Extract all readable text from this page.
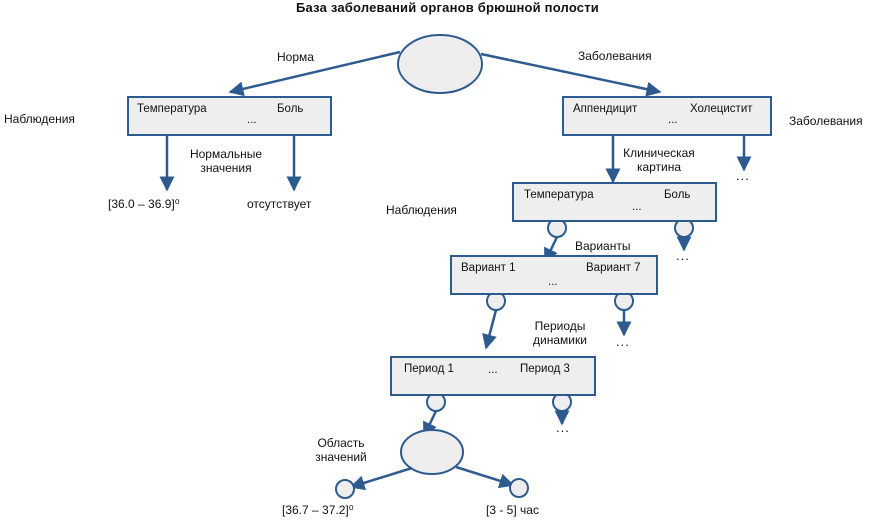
База заболеваний органов брюшной полости
Температура
...
Боль	Аппендицит
...
Холецистит
Температура
...
Боль
Вариант 1
...
Вариант 7
Период 1	... Период 3
Норма	Заболевания
Наблюдения	Заболевания
Нормальные
значения
Клиническая
картина
Наблюдения
Варианты
Периоды
динамики
Область
значений
[36.0 – 36.9]⁰	отсутствует
[36.7 – 37.2]⁰	[3 - 5] час
...
...
...
...
